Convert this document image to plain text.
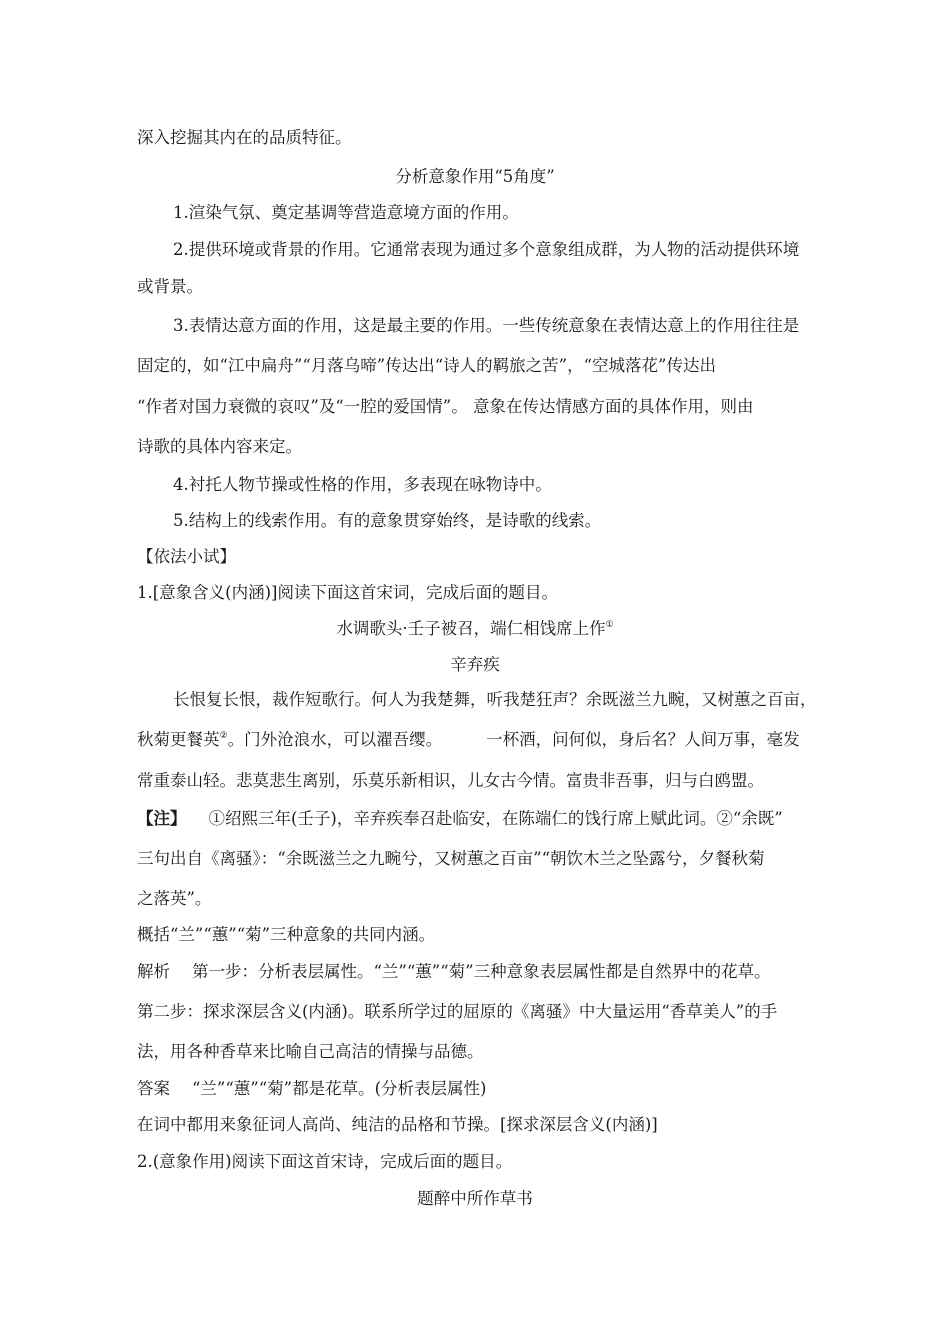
深入挖掘其内在的品质特征。
分析意象作用“5角度”
1.渲染气氛、奠定基调等营造意境方面的作用。
2.提供环境或背景的作用。它通常表现为通过多个意象组成群，为人物的活动提供环境
或背景。
3.表情达意方面的作用，这是最主要的作用。一些传统意象在表情达意上的作用往往是
固定的，如“江中扁舟”“月落乌啼”传达出“诗人的羁旅之苦”，“空城落花”传达出
“作者对国力衰微的哀叹”及“一腔的爱国情”。 意象在传达情感方面的具体作用，则由
诗歌的具体内容来定。
4.衬托人物节操或性格的作用，多表现在咏物诗中。
5.结构上的线索作用。有的意象贯穿始终，是诗歌的线索。
【依法小试】
1.[意象含义(内涵)]阅读下面这首宋词，完成后面的题目。
水调歌头·壬子被召，端仁相饯席上作①
辛弃疾
长恨复长恨，裁作短歌行。何人为我楚舞，听我楚狂声？余既滋兰九畹，又树蕙之百亩，
秋菊更餐英②。门外沧浪水，可以濯吾缨。	一杯酒，问何似，身后名？人间万事，毫发
常重泰山轻。悲莫悲生离别，乐莫乐新相识，儿女古今情。富贵非吾事，归与白鸥盟。
【注】 ①绍熙三年(壬子)，辛弃疾奉召赴临安，在陈端仁的饯行席上赋此词。②“余既”
三句出自《离骚》：“余既滋兰之九畹兮，又树蕙之百亩”“朝饮木兰之坠露兮，夕餐秋菊
之落英”。
概括“兰”“蕙”“菊”三种意象的共同内涵。
解析 第一步：分析表层属性。“兰”“蕙”“菊”三种意象表层属性都是自然界中的花草。
第二步：探求深层含义(内涵)。联系所学过的屈原的《离骚》中大量运用“香草美人”的手
法，用各种香草来比喻自己高洁的情操与品德。
答案 “兰”“蕙”“菊”都是花草。(分析表层属性)
在词中都用来象征词人高尚、纯洁的品格和节操。[探求深层含义(内涵)]
2.(意象作用)阅读下面这首宋诗，完成后面的题目。
题醉中所作草书
